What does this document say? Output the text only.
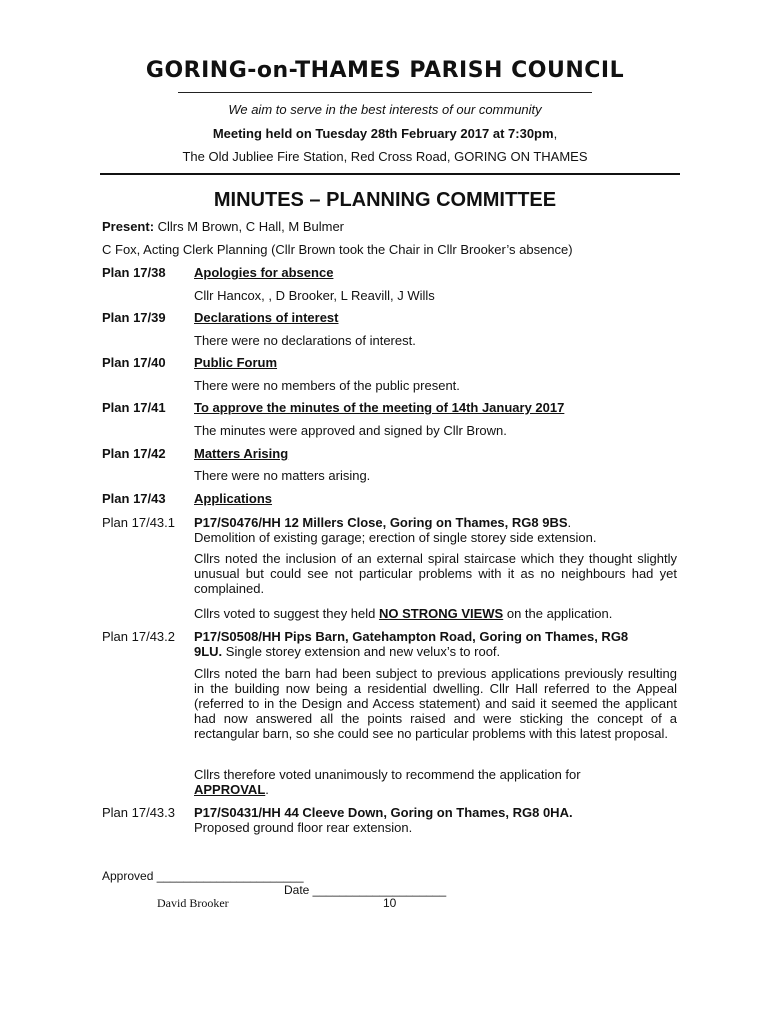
GORING-on-THAMES PARISH COUNCIL
We aim to serve in the best interests of our community
Meeting held on Tuesday 28th February 2017 at 7:30pm,
The Old Jubliee Fire Station, Red Cross Road, GORING ON THAMES
MINUTES – PLANNING COMMITTEE
Present: Cllrs M Brown, C Hall, M Bulmer
C Fox, Acting Clerk Planning (Cllr Brown took the Chair in Cllr Brooker’s absence)
Plan 17/38 Apologies for absence
Cllr Hancox, , D Brooker, L Reavill, J Wills
Plan 17/39 Declarations of interest
There were no declarations of interest.
Plan 17/40 Public Forum
There were no members of the public present.
Plan 17/41 To approve the minutes of the meeting of 14th January 2017
The minutes were approved and signed by Cllr Brown.
Plan 17/42 Matters Arising
There were no matters arising.
Plan 17/43 Applications
Plan 17/43.1 P17/S0476/HH 12 Millers Close, Goring on Thames, RG8 9BS.
Demolition of existing garage; erection of single storey side extension.
Cllrs noted the inclusion of an external spiral staircase which they thought slightly unusual but could see not particular problems with it as no neighbours had yet complained.
Cllrs voted to suggest they held NO STRONG VIEWS on the application.
Plan 17/43.2 P17/S0508/HH Pips Barn, Gatehampton Road, Goring on Thames, RG8
9LU. Single storey extension and new velux’s to roof.
Cllrs noted the barn had been subject to previous applications previously resulting in the building now being a residential dwelling. Cllr Hall referred to the Appeal (referred to in the Design and Access statement) and said it seemed the applicant had now answered all the points raised and were sticking the concept of a rectangular barn, so she could see no particular problems with this latest proposal.
Cllrs therefore voted unanimously to recommend the application for
APPROVAL.
Plan 17/43.3 P17/S0431/HH 44 Cleeve Down, Goring on Thames, RG8 0HA.
Proposed ground floor rear extension.
Approved ______________________
Date ____________________
David Brooker	10
